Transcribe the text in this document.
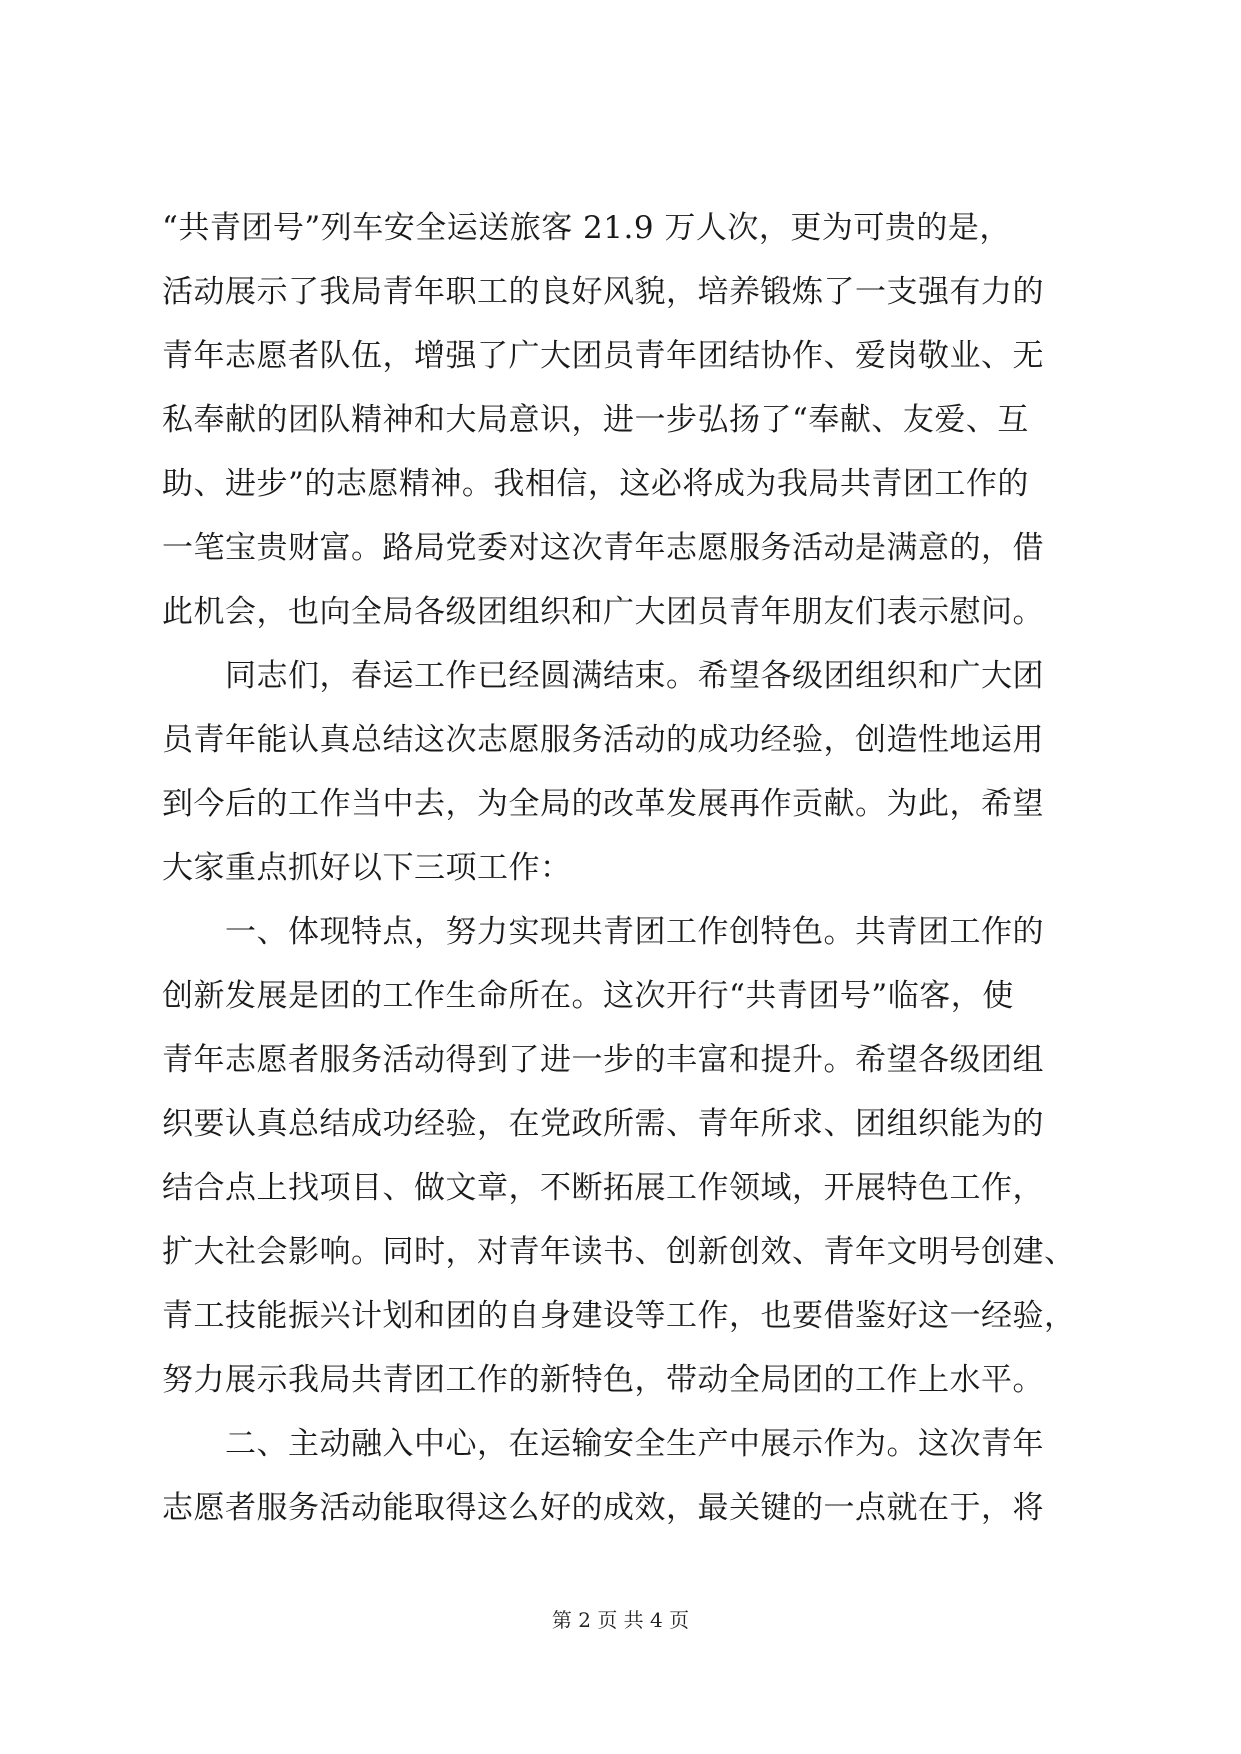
“共青团号”列车安全运送旅客 21.9 万人次，更为可贵的是，
活动展示了我局青年职工的良好风貌，培养锻炼了一支强有力的
青年志愿者队伍，增强了广大团员青年团结协作、爱岗敬业、无
私奉献的团队精神和大局意识，进一步弘扬了“奉献、友爱、互
助、进步”的志愿精神。我相信，这必将成为我局共青团工作的
一笔宝贵财富。路局党委对这次青年志愿服务活动是满意的，借
此机会，也向全局各级团组织和广大团员青年朋友们表示慰问。
　　同志们，春运工作已经圆满结束。希望各级团组织和广大团
员青年能认真总结这次志愿服务活动的成功经验，创造性地运用
到今后的工作当中去，为全局的改革发展再作贡献。为此，希望
大家重点抓好以下三项工作：
　　一、体现特点，努力实现共青团工作创特色。共青团工作的
创新发展是团的工作生命所在。这次开行“共青团号”临客，使
青年志愿者服务活动得到了进一步的丰富和提升。希望各级团组
织要认真总结成功经验，在党政所需、青年所求、团组织能为的
结合点上找项目、做文章，不断拓展工作领域，开展特色工作，
扩大社会影响。同时，对青年读书、创新创效、青年文明号创建、
青工技能振兴计划和团的自身建设等工作，也要借鉴好这一经验，
努力展示我局共青团工作的新特色，带动全局团的工作上水平。
　　二、主动融入中心，在运输安全生产中展示作为。这次青年
志愿者服务活动能取得这么好的成效，最关键的一点就在于，将
第 2 页 共 4 页
